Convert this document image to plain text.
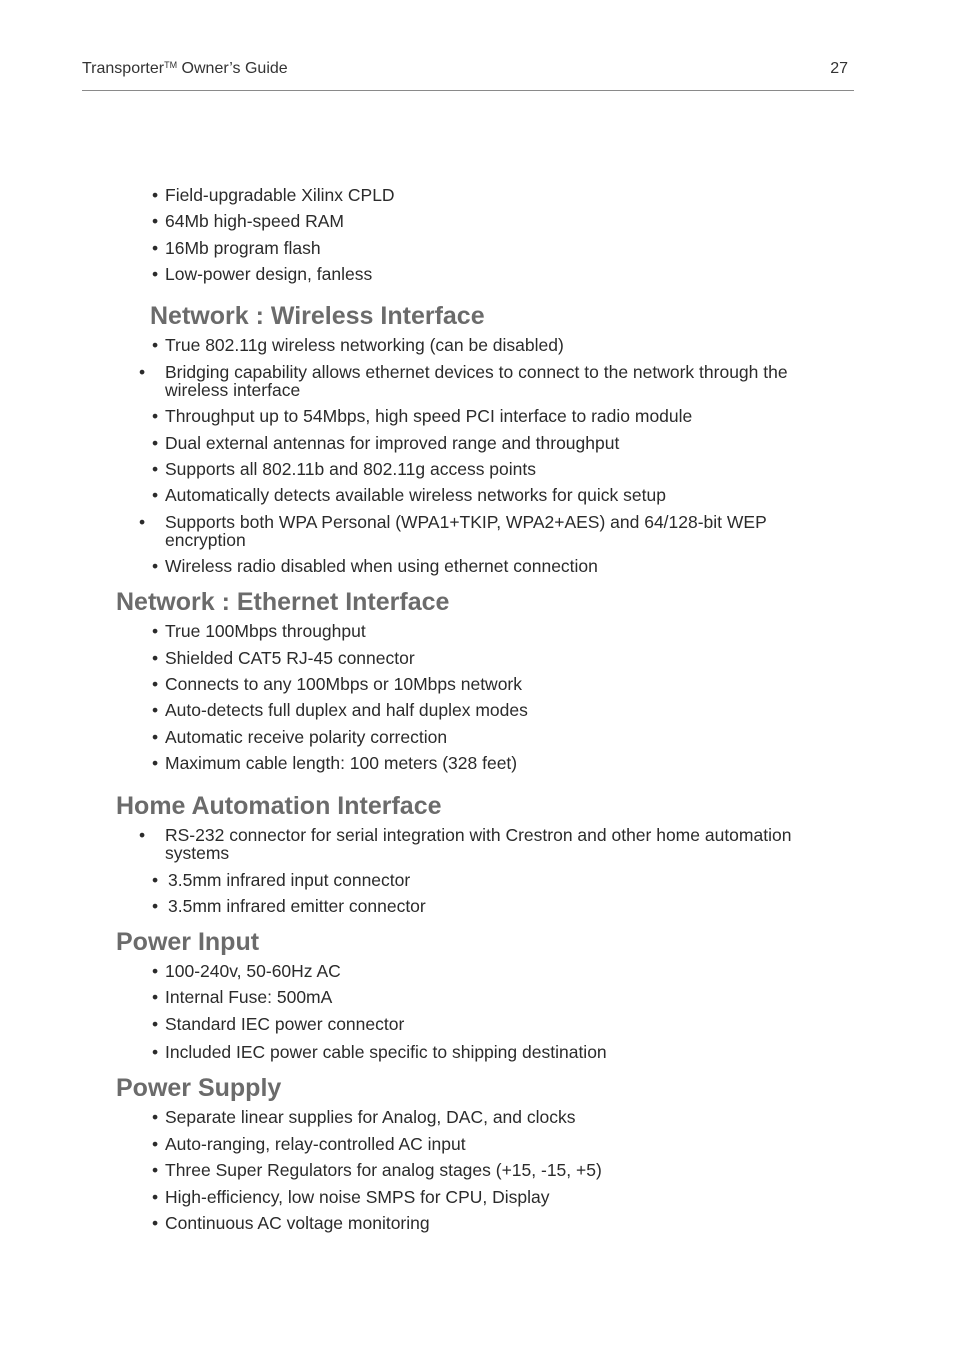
Transporter™ Owner’s Guide	27
• Field-upgradable Xilinx CPLD
• 64Mb high-speed RAM
• 16Mb program flash
• Low-power design, fanless
Network : Wireless Interface
• True 802.11g wireless networking (can be disabled)
• Bridging capability allows ethernet devices to connect to the network through the wireless interface
• Throughput up to 54Mbps, high speed PCI interface to radio module
• Dual external antennas for improved range and throughput
• Supports all 802.11b and 802.11g access points
• Automatically detects available wireless networks for quick setup
• Supports both WPA Personal (WPA1+TKIP, WPA2+AES) and 64/128-bit WEP encryption
• Wireless radio disabled when using ethernet connection
Network : Ethernet Interface
• True 100Mbps throughput
• Shielded CAT5 RJ-45 connector
• Connects to any 100Mbps or 10Mbps network
• Auto-detects full duplex and half duplex modes
• Automatic receive polarity correction
• Maximum cable length: 100 meters (328 feet)
Home Automation Interface
• RS-232 connector for serial integration with Crestron and other home automation systems
• 3.5mm infrared input connector
• 3.5mm infrared emitter connector
Power Input
• 100-240v, 50-60Hz AC
• Internal Fuse: 500mA
• Standard IEC power connector
• Included IEC power cable specific to shipping destination
Power Supply
• Separate linear supplies for Analog, DAC, and clocks
• Auto-ranging, relay-controlled AC input
• Three Super Regulators for analog stages (+15, -15, +5)
• High-efficiency, low noise SMPS for CPU, Display
• Continuous AC voltage monitoring
